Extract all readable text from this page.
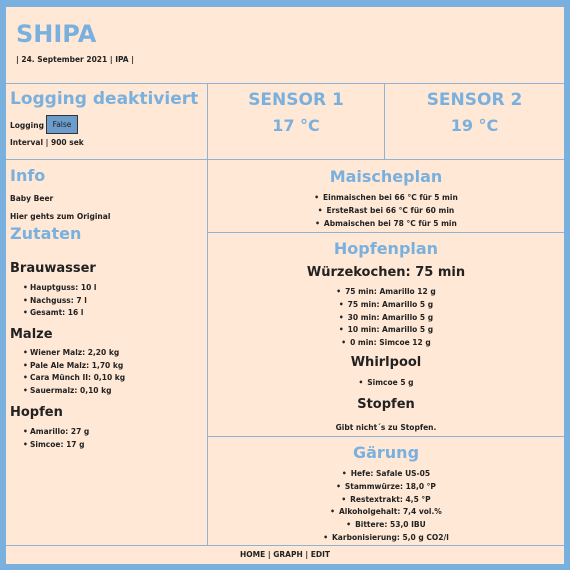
SHIPA
| 24. September 2021 | IPA |
Logging deaktiviert
Logging	False
Interval | 900 sek
SENSOR 1
17 °C
SENSOR 2
19 °C
Info
Baby Beer
Hier gehts zum Original
Zutaten
Brauwasser
• Hauptguss: 10 l
• Nachguss: 7 l
• Gesamt: 16 l
Malze
• Wiener Malz: 2,20 kg
• Pale Ale Malz: 1,70 kg
• Cara Münch II: 0,10 kg
• Sauermalz: 0,10 kg
Hopfen
• Amarillo: 27 g
• Simcoe: 17 g
Maischeplan
• Einmaischen bei 66 °C für 5 min
• ErsteRast bei 66 °C für 60 min
• Abmaischen bei 78 °C für 5 min
Hopfenplan
Würzekochen: 75 min
• 75 min: Amarillo 12 g
• 75 min: Amarillo 5 g
• 30 min: Amarillo 5 g
• 10 min: Amarillo 5 g
• 0 min: Simcoe 12 g
Whirlpool
• Simcoe 5 g
Stopfen
Gibt nicht´s zu Stopfen.
Gärung
• Hefe: Safale US-05
• Stammwürze: 18,0 °P
• Restextrakt: 4,5 °P
• Alkoholgehalt: 7,4 vol.%
• Bittere: 53,0 IBU
• Karbonisierung: 5,0 g CO2/l
HOME | GRAPH | EDIT
